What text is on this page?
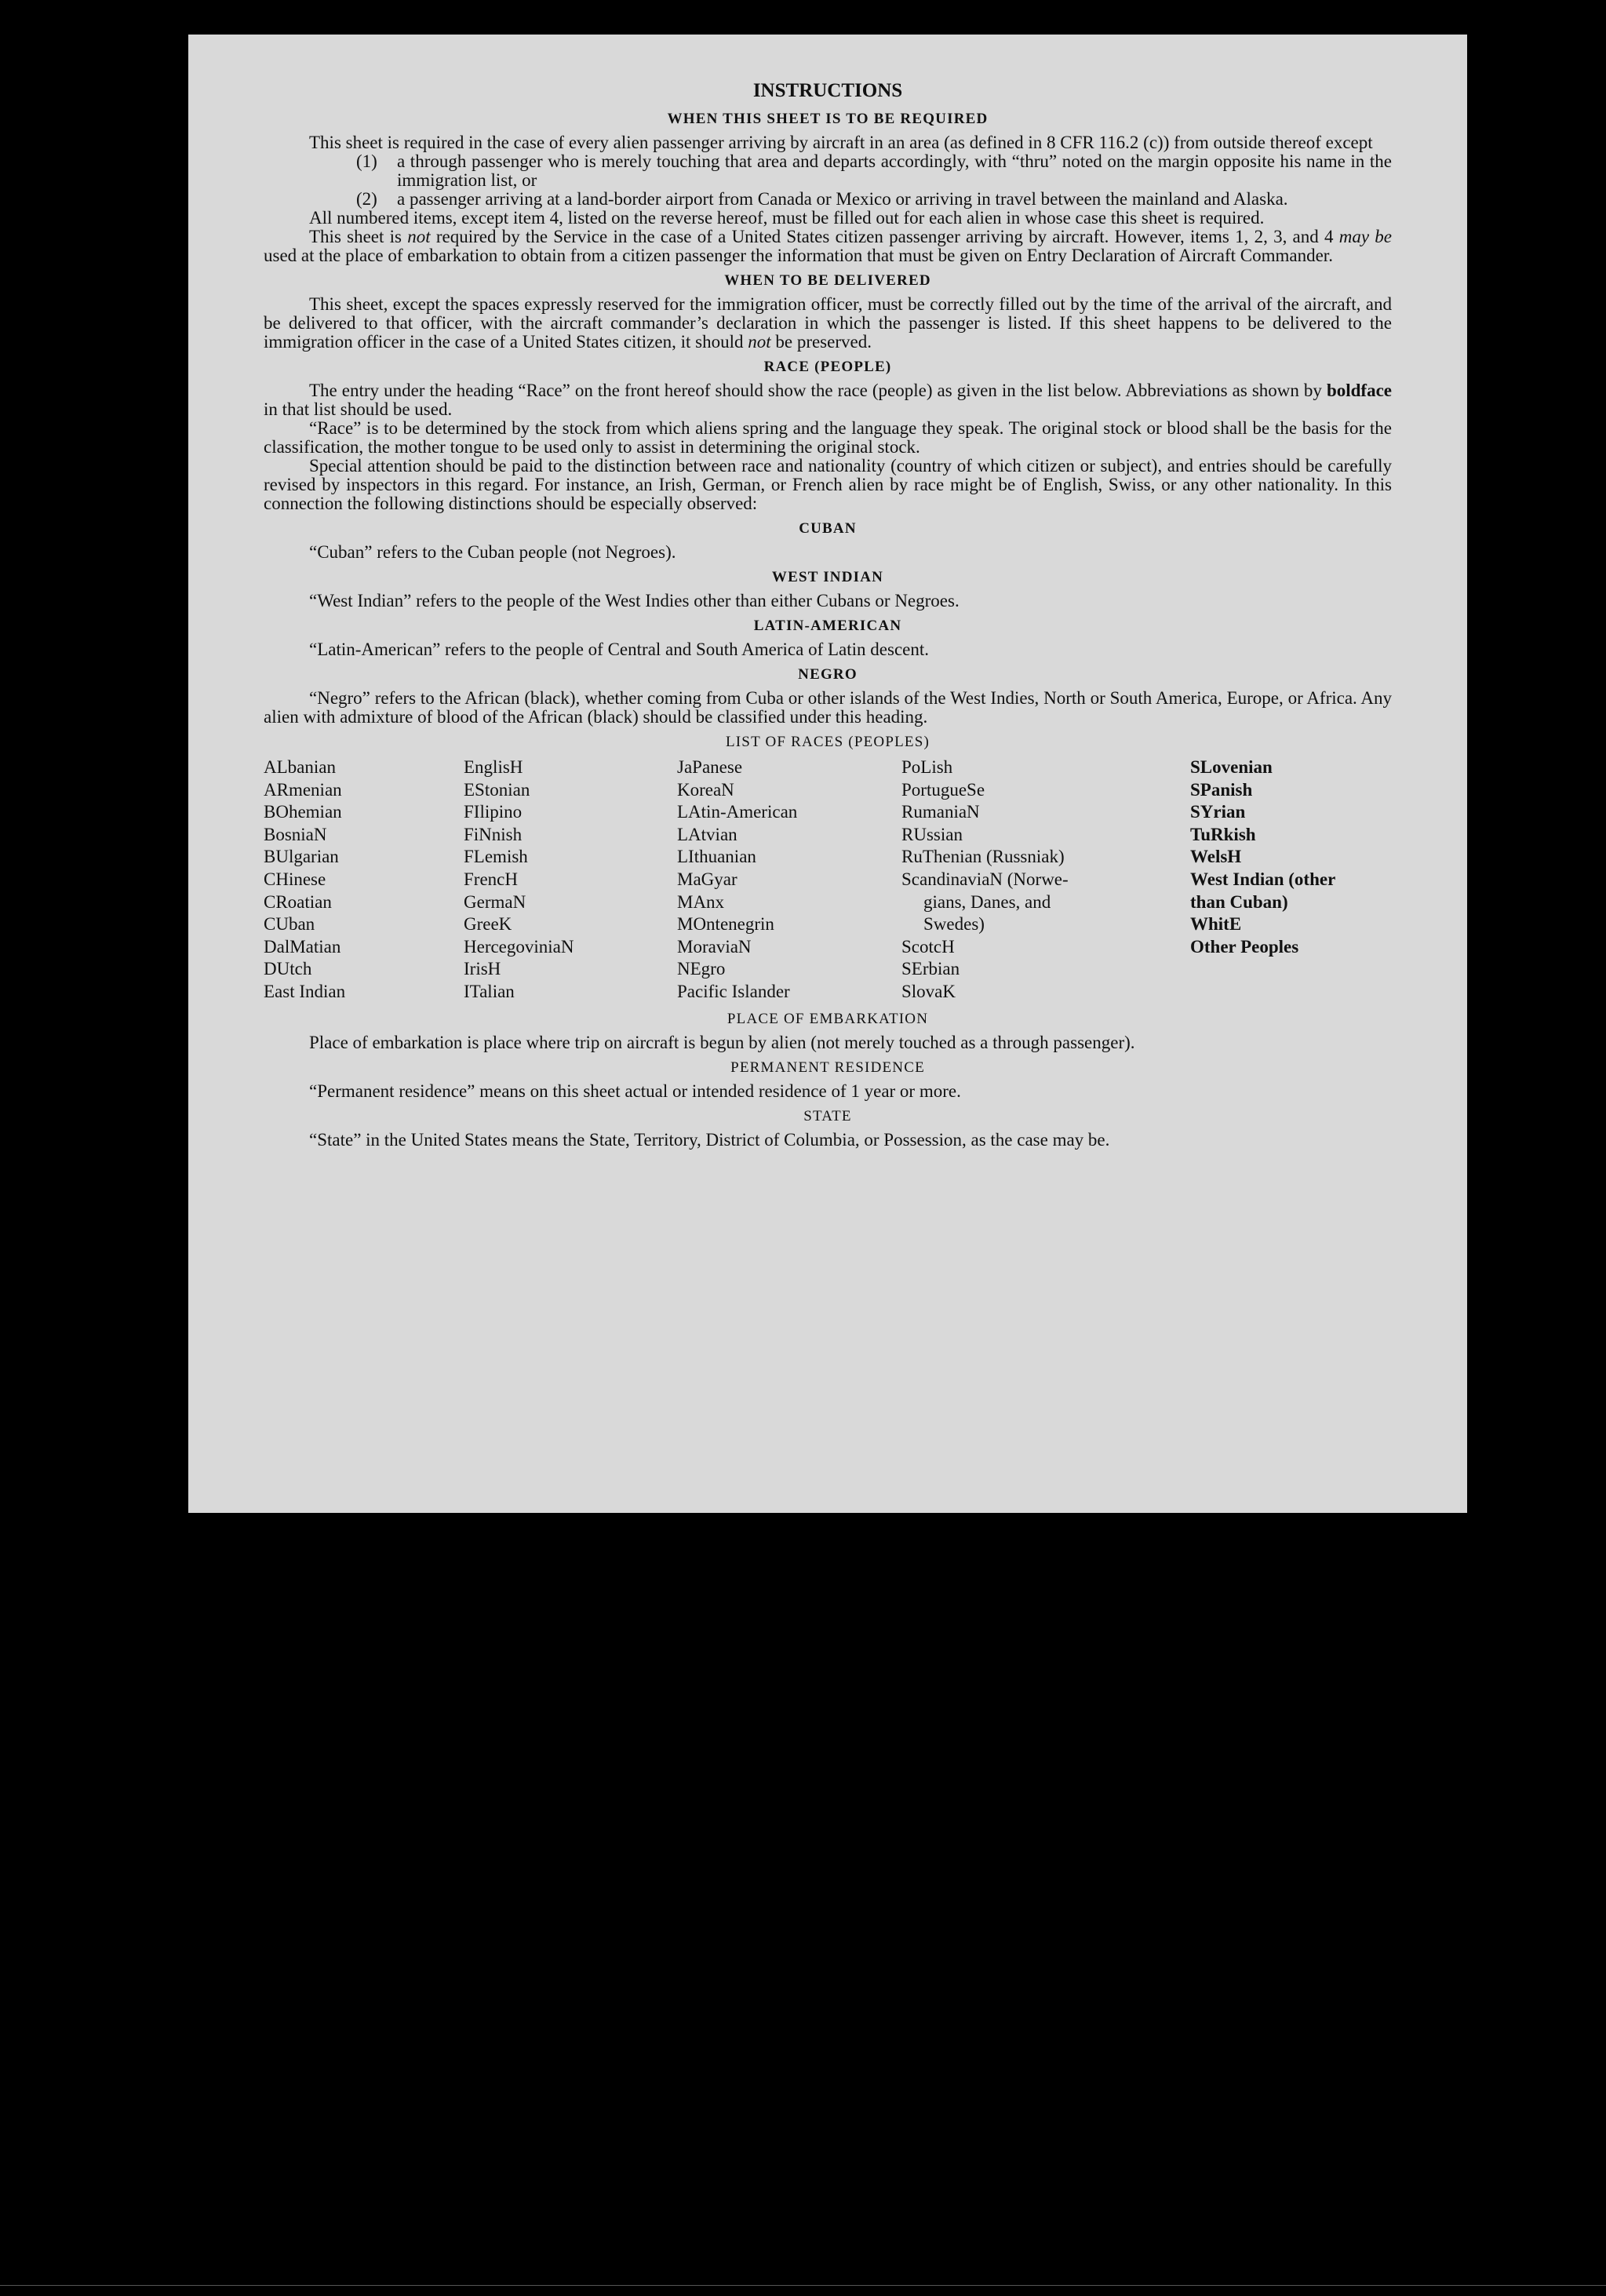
INSTRUCTIONS
WHEN THIS SHEET IS TO BE REQUIRED

This sheet is required in the case of every alien passenger arriving by aircraft in an area (as defined in 8 CFR 116.2 (c)) from outside thereof except

(1)	a through passenger who is merely touching that area and departs accordingly, with “thru” noted on the margin opposite his name in the immigration list, or
(2)	a passenger arriving at a land-border airport from Canada or Mexico or arriving in travel between the mainland and Alaska.

All numbered items, except item 4, listed on the reverse hereof, must be filled out for each alien in whose case this sheet is required.

This sheet is not required by the Service in the case of a United States citizen passenger arriving by aircraft. However, items 1, 2, 3, and 4 may be used at the place of embarkation to obtain from a citizen passenger the information that must be given on Entry Declaration of Aircraft Commander.

WHEN TO BE DELIVERED

This sheet, except the spaces expressly reserved for the immigration officer, must be correctly filled out by the time of the arrival of the aircraft, and be delivered to that officer, with the aircraft commander’s declaration in which the passenger is listed. If this sheet happens to be delivered to the immigration officer in the case of a United States citizen, it should not be preserved.

RACE (PEOPLE)

The entry under the heading “Race” on the front hereof should show the race (people) as given in the list below. Abbreviations as shown by boldface in that list should be used.

“Race” is to be determined by the stock from which aliens spring and the language they speak. The original stock or blood shall be the basis for the classification, the mother tongue to be used only to assist in determining the original stock.

Special attention should be paid to the distinction between race and nationality (country of which citizen or subject), and entries should be carefully revised by inspectors in this regard. For instance, an Irish, German, or French alien by race might be of English, Swiss, or any other nationality. In this connection the following distinctions should be especially observed:

CUBAN
“Cuban” refers to the Cuban people (not Negroes).
WEST INDIAN
“West Indian” refers to the people of the West Indies other than either Cubans or Negroes.
LATIN-AMERICAN
“Latin-American” refers to the people of Central and South America of Latin descent.
NEGRO

“Negro” refers to the African (black), whether coming from Cuba or other islands of the West Indies, North or South America, Europe, or Africa. Any alien with admixture of blood of the African (black) should be classified under this heading.

LIST OF RACES (PEOPLES)
ALbanian
ARmenian
BOhemian
BosniaN
BUlgarian
CHinese
CRoatian
CUban
DalMatian
DUtch
East Indian
EnglisH
EStonian
FIlipino
FiNnish
FLemish
FrencH
GermaN
GreeK
HercegoviniaN
IrisH
ITalian
JaPanese
KoreaN
LAtin-American
LAtvian
LIthuanian
MaGyar
MAnx
MOntenegrin
MoraviaN
NEgro
Pacific Islander
PoLish
PortugueSe
RumaniaN
RUssian
RuThenian (Russniak)
ScandinaviaN (Norwe-
gians, Danes, and
Swedes)
ScotcH
SErbian
SlovaK
SLovenian
SPanish
SYrian
TuRkish
WelsH
West Indian (other
than Cuban)
WhitE
Other Peoples
PLACE OF EMBARKATION

Place of embarkation is place where trip on aircraft is begun by alien (not merely touched as a through passenger).

PERMANENT RESIDENCE

“Permanent residence” means on this sheet actual or intended residence of 1 year or more.

STATE

“State” in the United States means the State, Territory, District of Columbia, or Possession, as the case may be.
